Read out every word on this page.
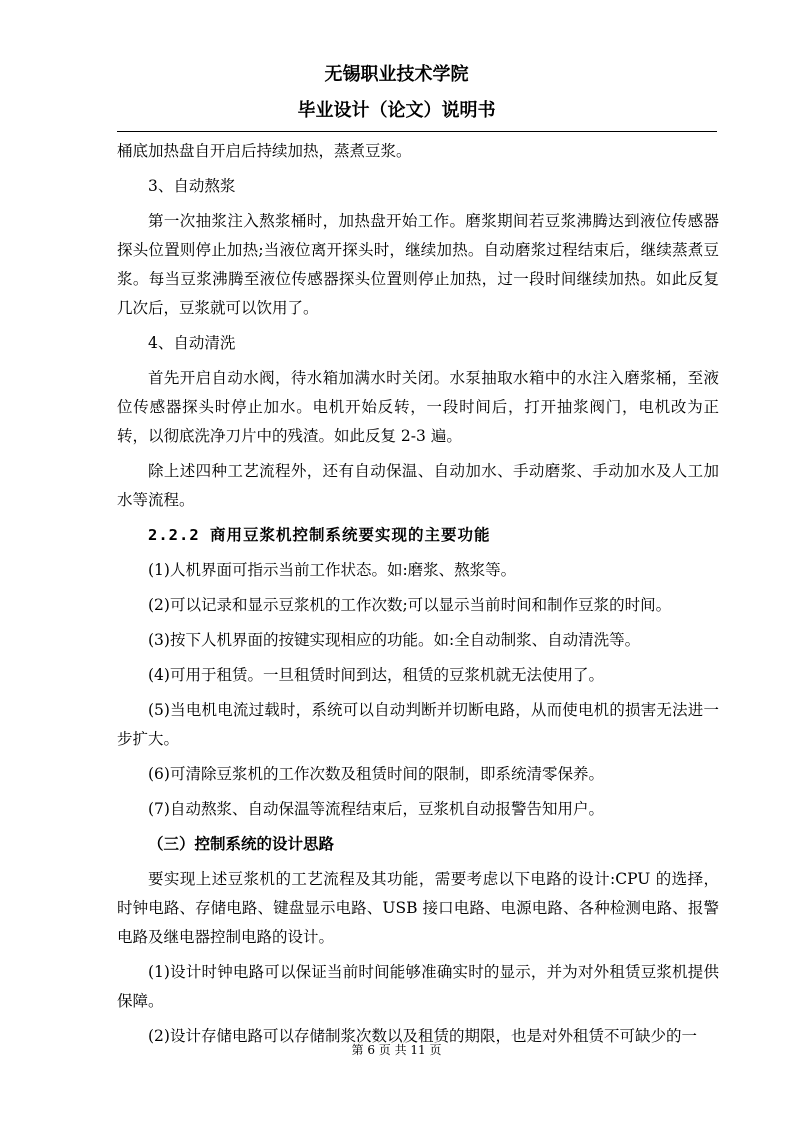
无锡职业技术学院
毕业设计（论文）说明书

桶底加热盘自开启后持续加热，蒸煮豆浆。

3、自动熬浆

第一次抽浆注入熬浆桶时，加热盘开始工作。磨浆期间若豆浆沸腾达到液位传感器探头位置则停止加热;当液位离开探头时，继续加热。自动磨浆过程结束后，继续蒸煮豆浆。每当豆浆沸腾至液位传感器探头位置则停止加热，过一段时间继续加热。如此反复几次后，豆浆就可以饮用了。

4、自动清洗

首先开启自动水阀，待水箱加满水时关闭。水泵抽取水箱中的水注入磨浆桶，至液位传感器探头时停止加水。电机开始反转，一段时间后，打开抽浆阀门，电机改为正转，以彻底洗净刀片中的残渣。如此反复 2-3 遍。

除上述四种工艺流程外，还有自动保温、自动加水、手动磨浆、手动加水及人工加水等流程。

2.2.2 商用豆浆机控制系统要实现的主要功能

(1)人机界面可指示当前工作状态。如:磨浆、熬浆等。

(2)可以记录和显示豆浆机的工作次数;可以显示当前时间和制作豆浆的时间。

(3)按下人机界面的按键实现相应的功能。如:全自动制浆、自动清洗等。

(4)可用于租赁。一旦租赁时间到达，租赁的豆浆机就无法使用了。

(5)当电机电流过载时，系统可以自动判断并切断电路，从而使电机的损害无法进一步扩大。

(6)可清除豆浆机的工作次数及租赁时间的限制，即系统清零保养。

(7)自动熬浆、自动保温等流程结束后，豆浆机自动报警告知用户。

（三）控制系统的设计思路

要实现上述豆浆机的工艺流程及其功能，需要考虑以下电路的设计:CPU 的选择，时钟电路、存储电路、键盘显示电路、USB 接口电路、电源电路、各种检测电路、报警电路及继电器控制电路的设计。

(1)设计时钟电路可以保证当前时间能够准确实时的显示，并为对外租赁豆浆机提供保障。

(2)设计存储电路可以存储制浆次数以及租赁的期限，也是对外租赁不可缺少的一

第 6 页 共 11 页
